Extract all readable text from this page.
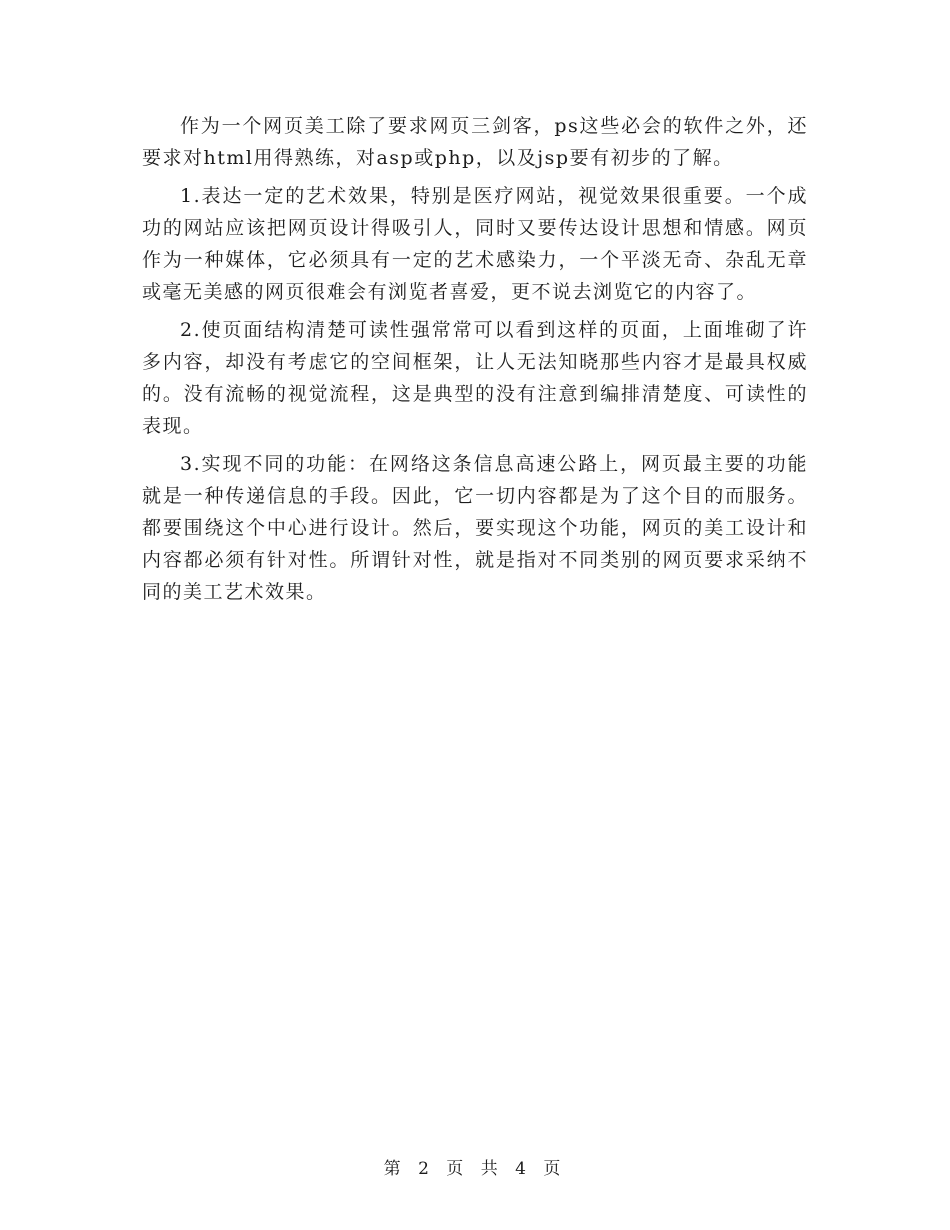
作为一个网页美工除了要求网页三剑客，ps这些必会的软件之外，还要求对html用得熟练，对asp或php，以及jsp要有初步的了解。

1.表达一定的艺术效果，特别是医疗网站，视觉效果很重要。一个成功的网站应该把网页设计得吸引人，同时又要传达设计思想和情感。网页作为一种媒体，它必须具有一定的艺术感染力，一个平淡无奇、杂乱无章或毫无美感的网页很难会有浏览者喜爱，更不说去浏览它的内容了。

2.使页面结构清楚可读性强常常可以看到这样的页面，上面堆砌了许多内容，却没有考虑它的空间框架，让人无法知晓那些内容才是最具权威的。没有流畅的视觉流程，这是典型的没有注意到编排清楚度、可读性的表现。

3.实现不同的功能：在网络这条信息高速公路上，网页最主要的功能就是一种传递信息的手段。因此，它一切内容都是为了这个目的而服务。都要围绕这个中心进行设计。然后，要实现这个功能，网页的美工设计和内容都必须有针对性。所谓针对性，就是指对不同类别的网页要求采纳不同的美工艺术效果。

第 2 页 共 4 页
